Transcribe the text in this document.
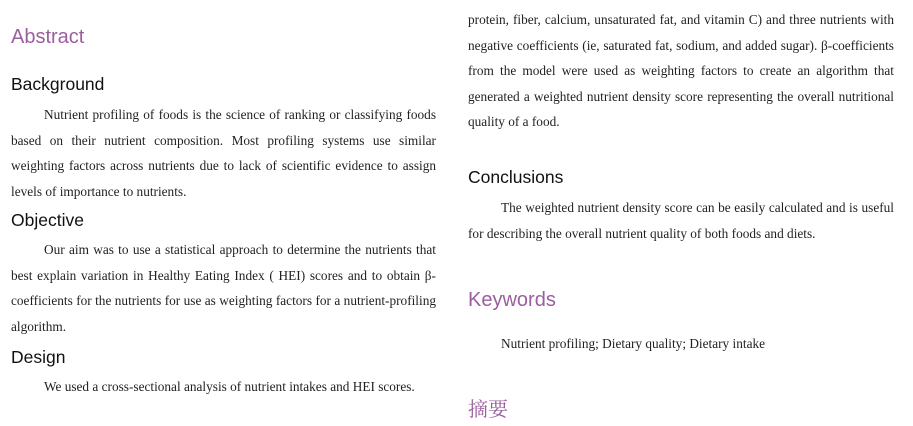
Abstract
Background

Nutrient profiling of foods is the science of ranking or classifying foods based on their nutrient composition. Most profiling systems use similar weighting factors across nutrients due to lack of scientific evidence to assign levels of importance to nutrients.

Objective

Our aim was to use a statistical approach to determine the nutrients that best explain variation in Healthy Eating Index ( HEI) scores and to obtain β-coefficients for the nutrients for use as weighting factors for a nutrient-profiling algorithm.

Design

We used a cross-sectional analysis of nutrient intakes and HEI scores.

protein, fiber, calcium, unsaturated fat, and vitamin C) and three nutrients with negative coefficients (ie, saturated fat, sodium, and added sugar). β-coefficients from the model were used as weighting factors to create an algorithm that generated a weighted nutrient density score representing the overall nutritional quality of a food.

Conclusions

The weighted nutrient density score can be easily calculated and is useful for describing the overall nutrient quality of both foods and diets.

Keywords
Nutrient profiling; Dietary quality; Dietary intake
摘要
